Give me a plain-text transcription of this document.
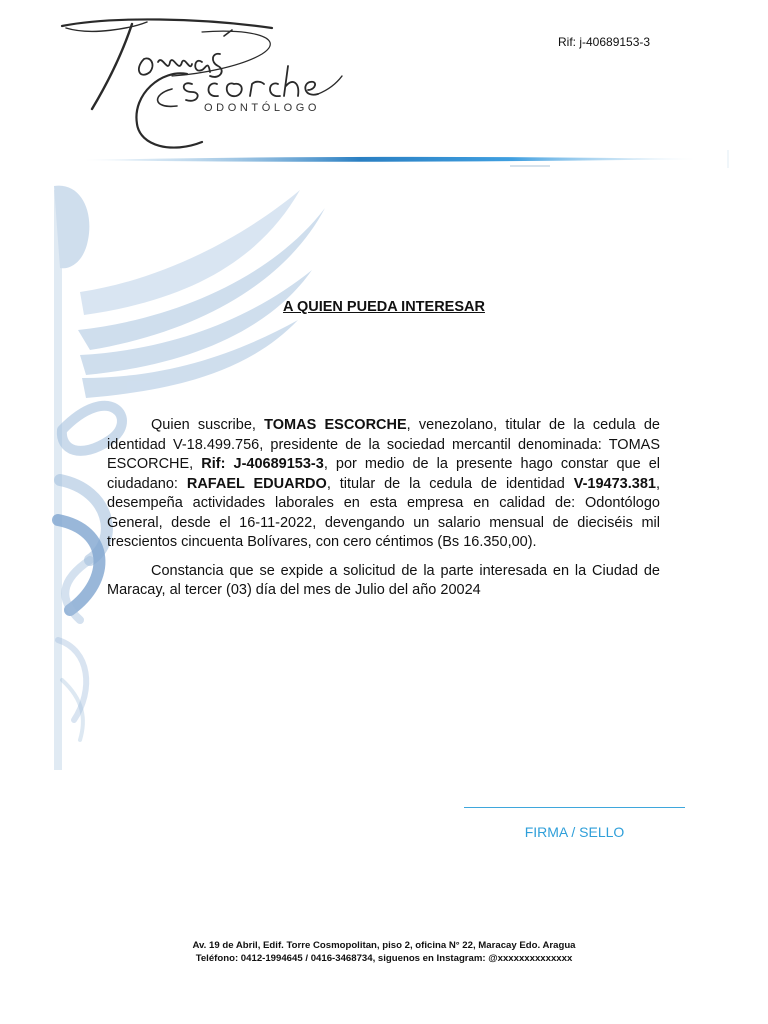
ODONTÓLOGO
Rif: j-40689153-3
A QUIEN PUEDA INTERESAR

Quien suscribe, TOMAS ESCORCHE, venezolano, titular de la cedula de identidad V-18.499.756, presidente de la sociedad mercantil denominada: TOMAS ESCORCHE, Rif: J-40689153-3, por medio de la presente hago constar que el ciudadano: RAFAEL EDUARDO, titular de la cedula de identidad V-19473.381, desempeña actividades laborales en esta empresa en calidad de: Odontólogo General, desde el 16-11-2022, devengando un salario mensual de dieciséis mil trescientos cincuenta Bolívares, con cero céntimos (Bs 16.350,00).

Constancia que se expide a solicitud de la parte interesada en la Ciudad de Maracay, al tercer (03) día del mes de Julio del año 20024

FIRMA / SELLO
Av. 19 de Abril, Edif. Torre Cosmopolitan, piso 2, oficina N° 22, Maracay Edo. Aragua
Teléfono: 0412-1994645 / 0416-3468734, siguenos en Instagram: @xxxxxxxxxxxxxx
